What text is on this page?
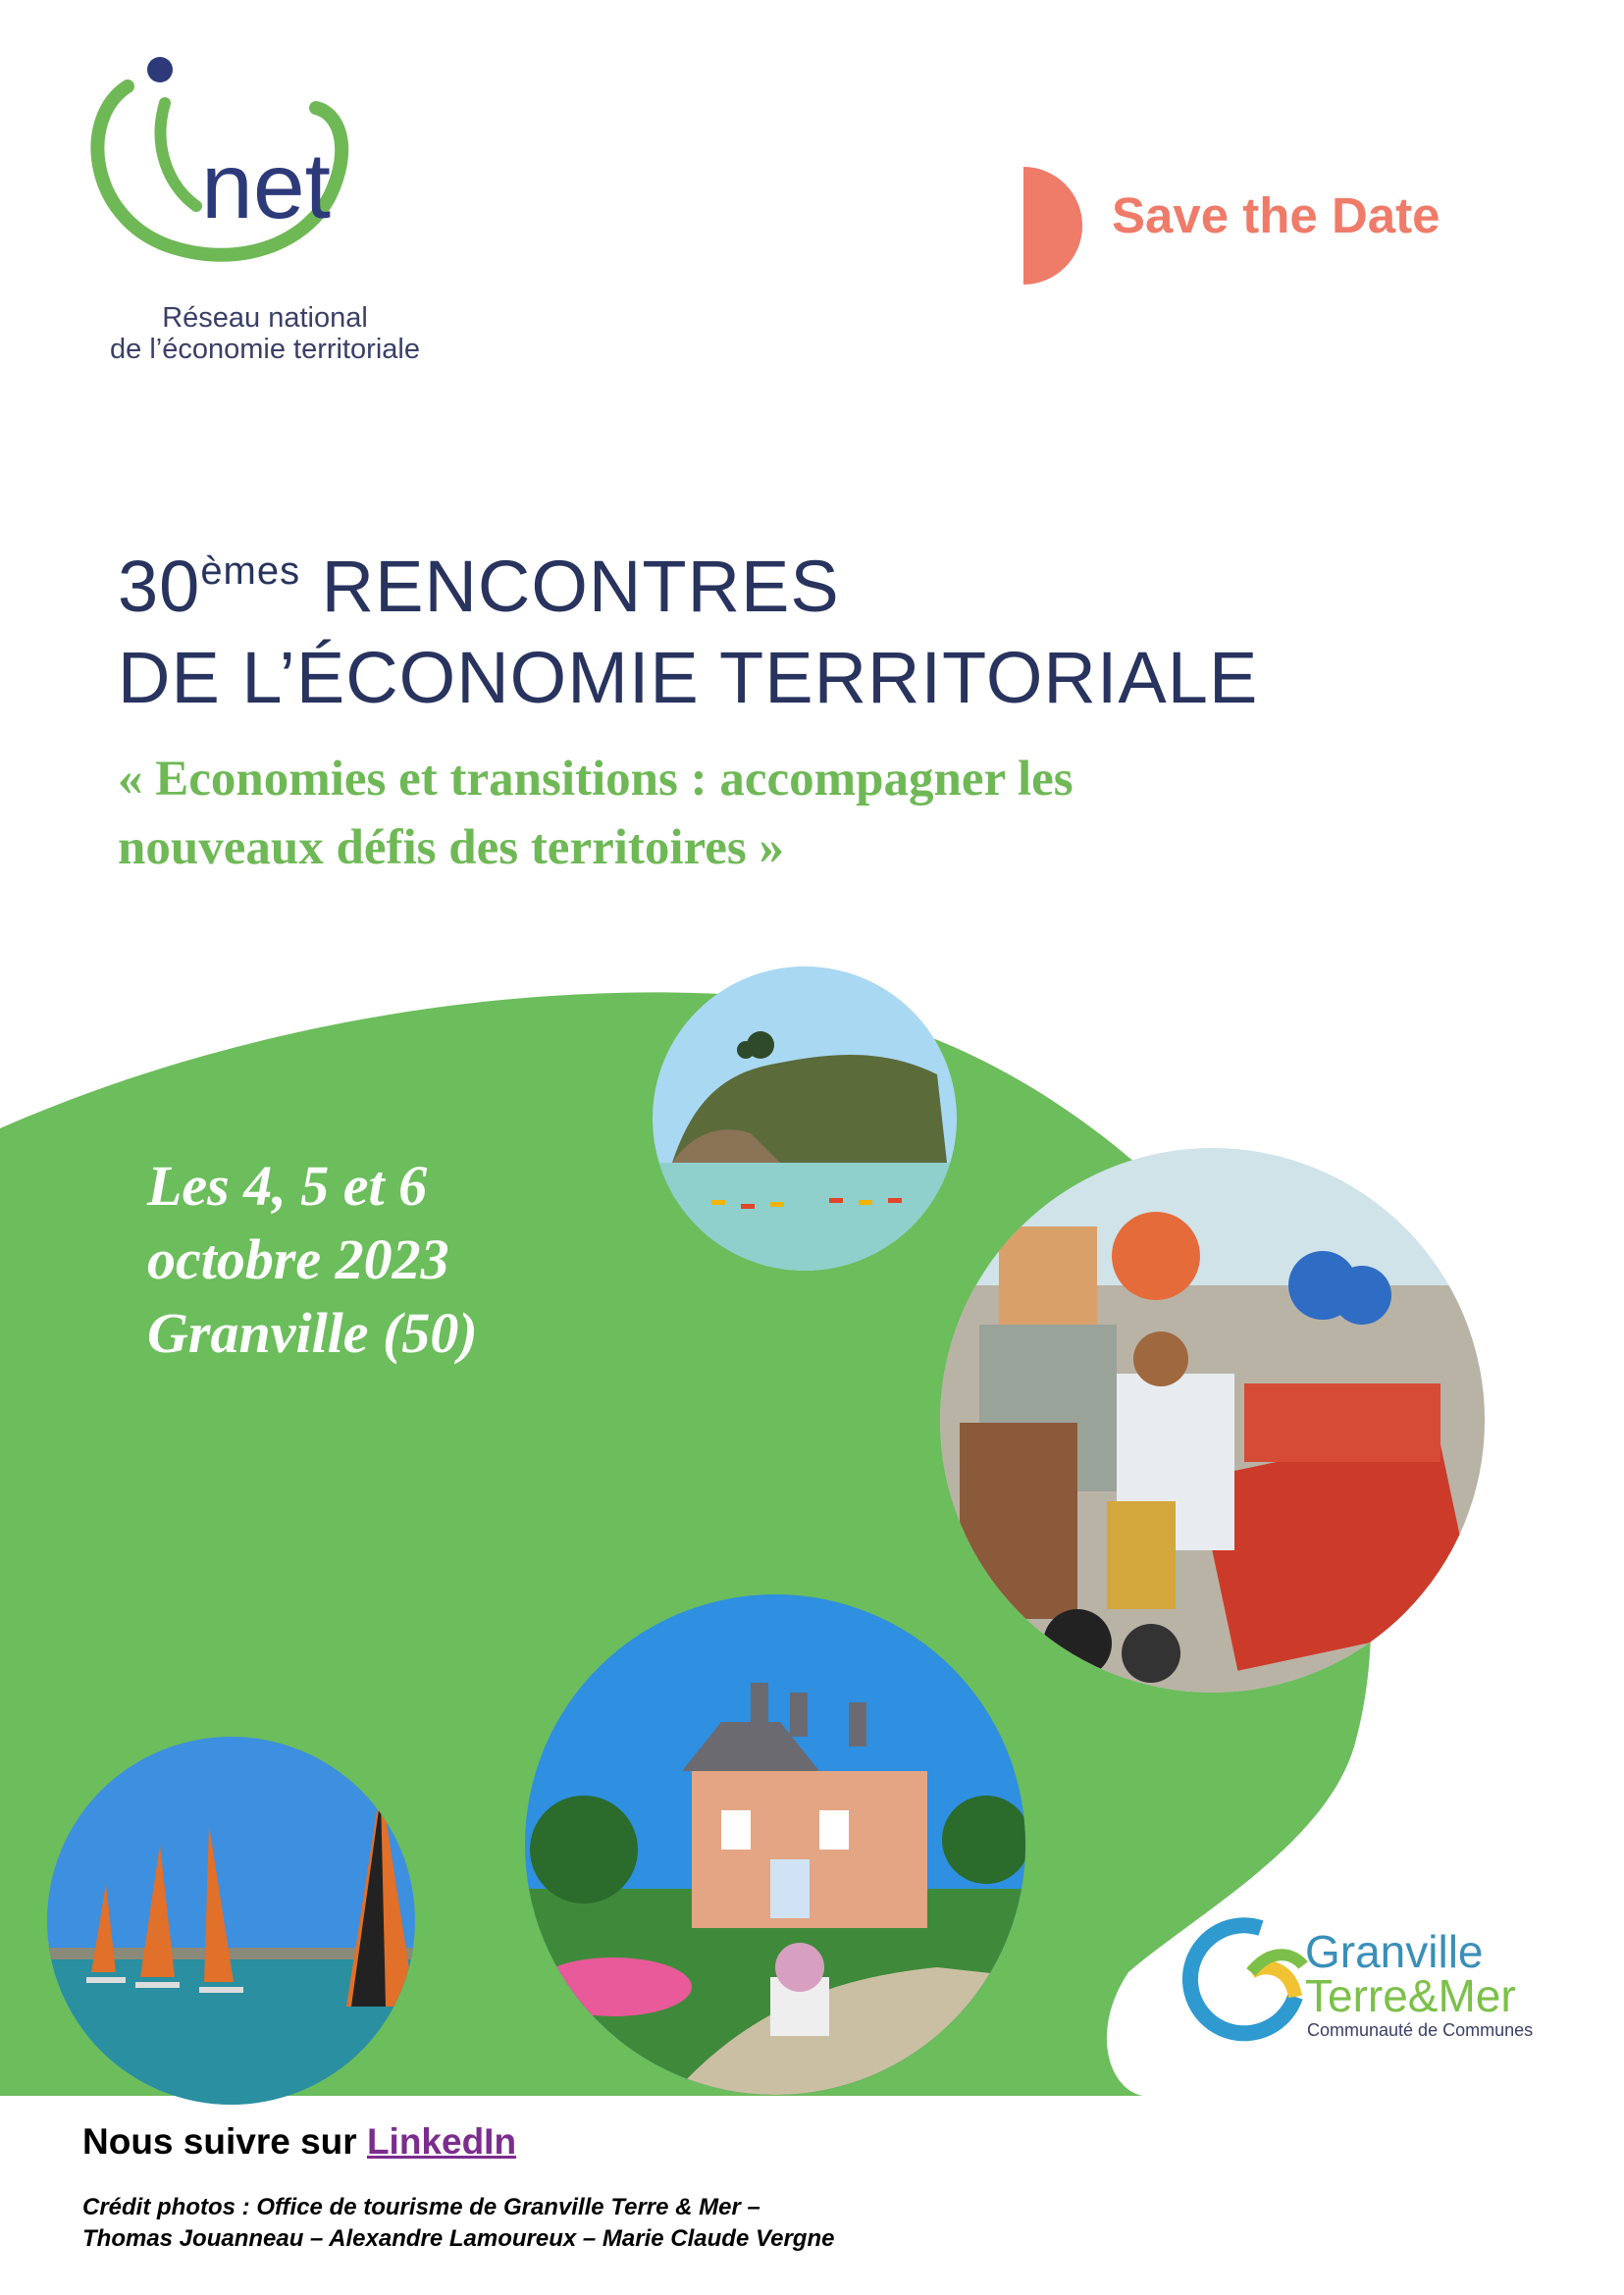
net
Réseau national
de l’économie territoriale
Save the Date
30èmes RENCONTRES
DE L’ÉCONOMIE TERRITORIALE
« Economies et transitions : accompagner les
nouveaux défis des territoires »
Les 4, 5 et 6
octobre 2023
Granville (50)
Granville
Terre&Mer
Communauté de Communes
Nous suivre sur LinkedIn
Crédit photos : Office de tourisme de Granville Terre & Mer –
Thomas Jouanneau – Alexandre Lamoureux – Marie Claude Vergne
